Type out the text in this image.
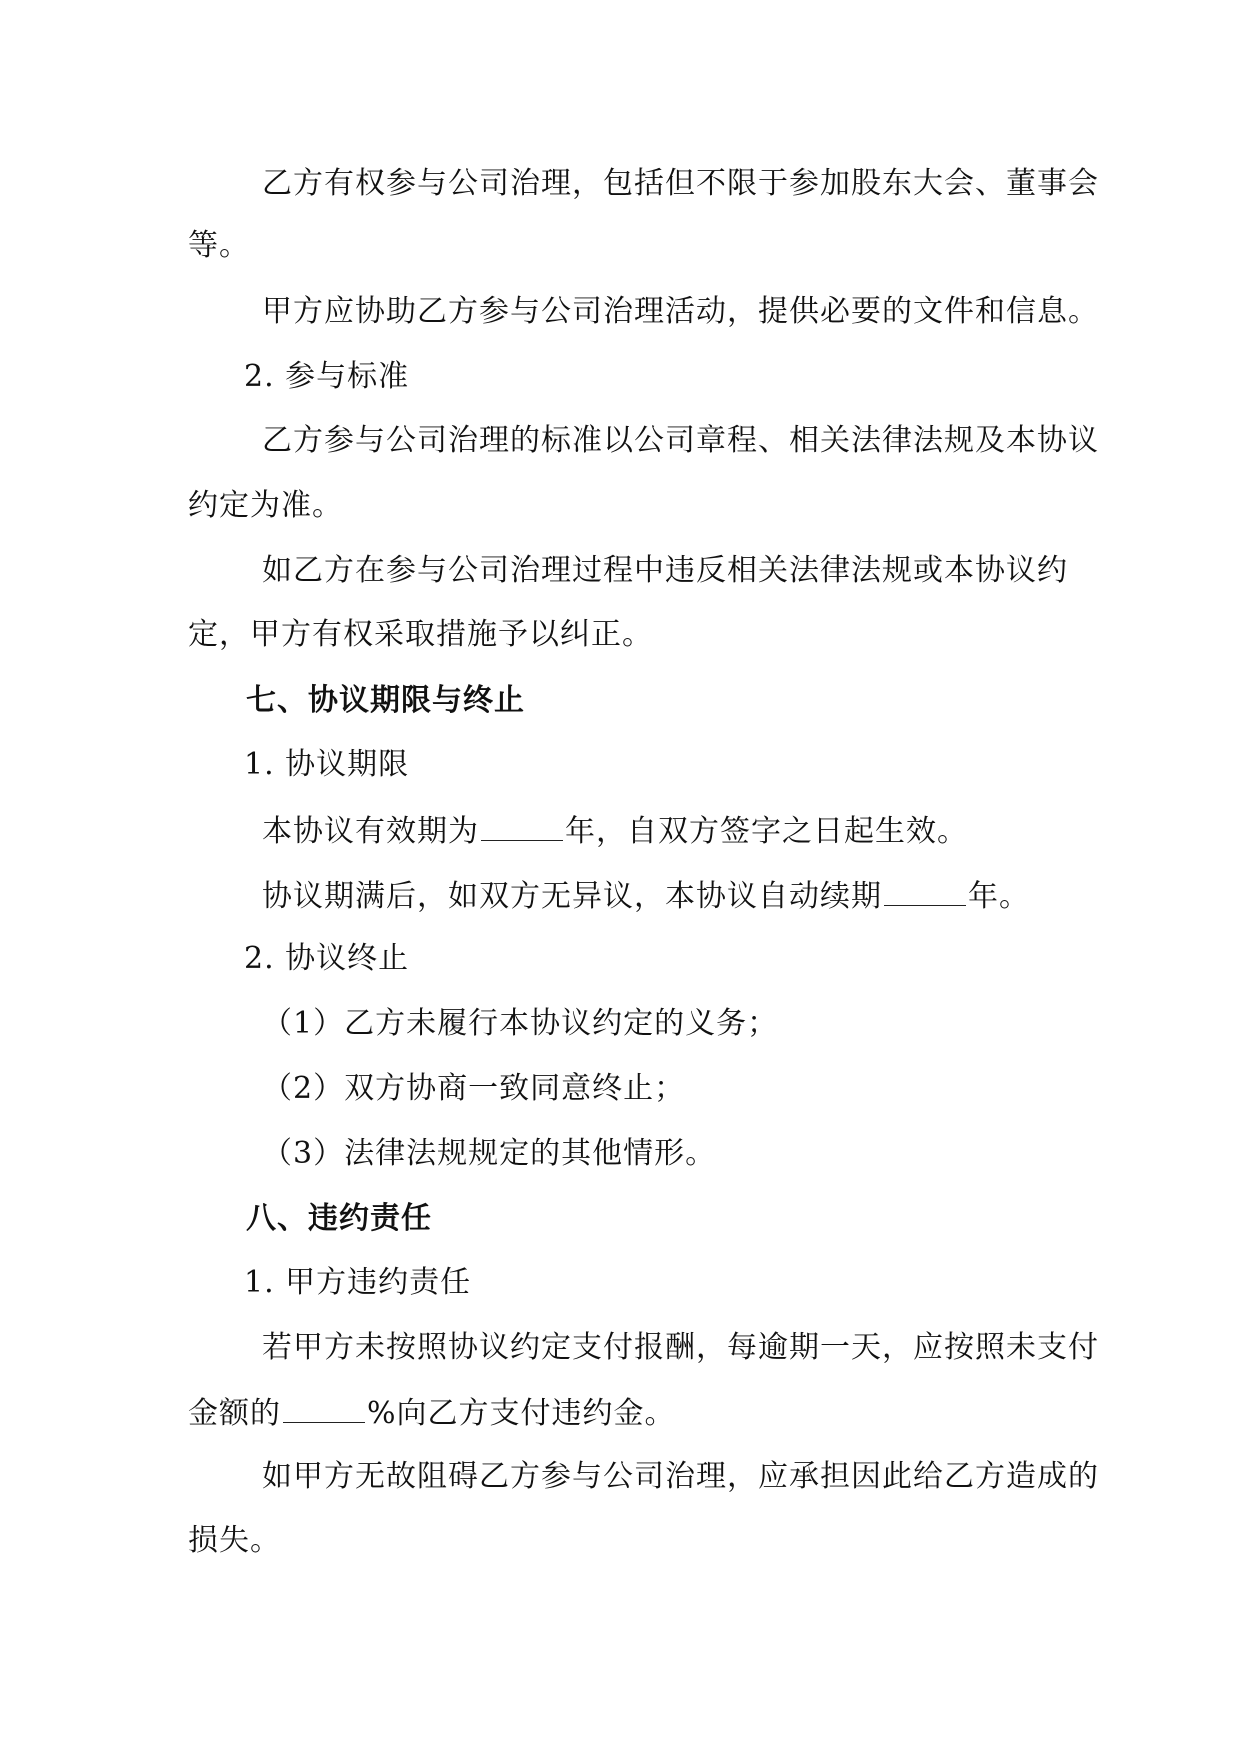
乙方有权参与公司治理，包括但不限于参加股东大会、董事会
等。
甲方应协助乙方参与公司治理活动，提供必要的文件和信息。
2. 参与标准
乙方参与公司治理的标准以公司章程、相关法律法规及本协议
约定为准。
如乙方在参与公司治理过程中违反相关法律法规或本协议约
定，甲方有权采取措施予以纠正。
七、协议期限与终止
1. 协议期限
本协议有效期为	年，自双方签字之日起生效。
协议期满后，如双方无异议，本协议自动续期	年。
2. 协议终止
（1）乙方未履行本协议约定的义务；
（2）双方协商一致同意终止；
（3）法律法规规定的其他情形。
八、违约责任
1. 甲方违约责任
若甲方未按照协议约定支付报酬，每逾期一天，应按照未支付
金额的	%向乙方支付违约金。
如甲方无故阻碍乙方参与公司治理，应承担因此给乙方造成的
损失。
